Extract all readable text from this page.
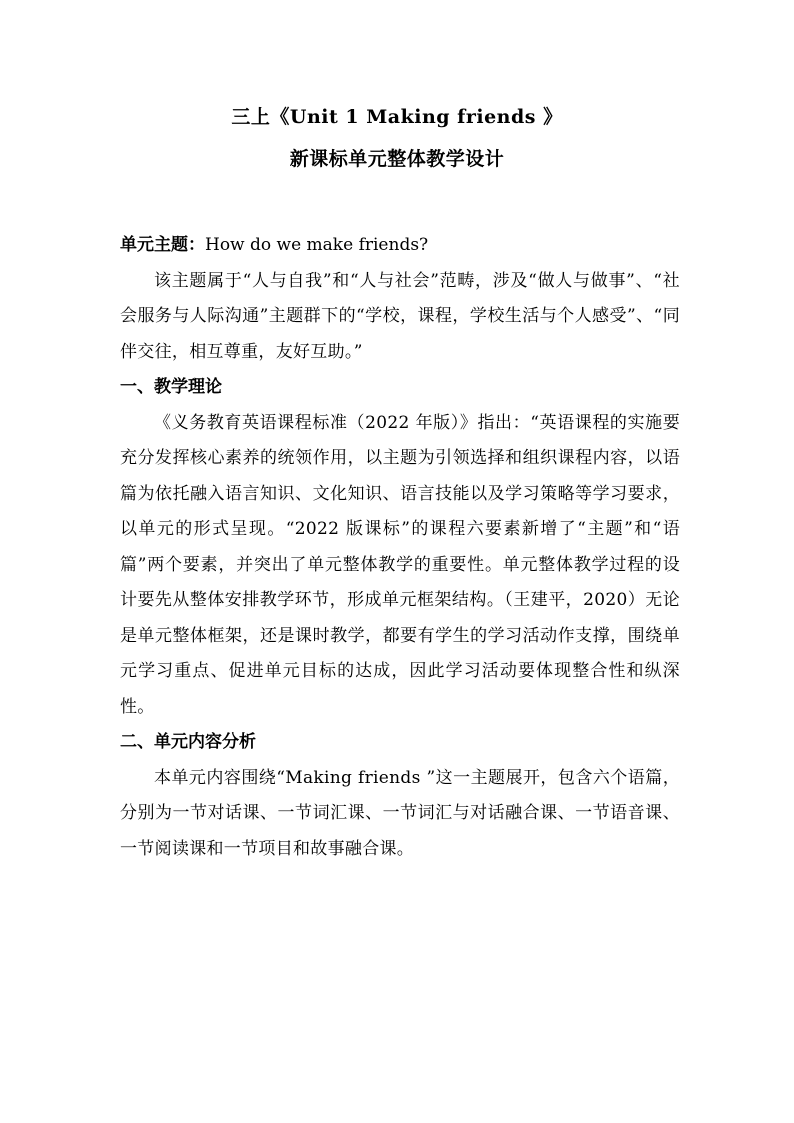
三上《Unit 1 Making friends 》
新课标单元整体教学设计

单元主题：How do we make friends?

该主题属于“人与自我”和“人与社会”范畴，涉及“做人与做事”、“社会服务与人际沟通”主题群下的“学校，课程，学校生活与个人感受”、“同伴交往，相互尊重，友好互助。”

一、教学理论

《义务教育英语课程标准（2022 年版）》指出：“英语课程的实施要充分发挥核心素养的统领作用，以主题为引领选择和组织课程内容，以语篇为依托融入语言知识、文化知识、语言技能以及学习策略等学习要求，以单元的形式呈现。“2022 版课标”的课程六要素新增了“主题”和“语篇”两个要素，并突出了单元整体教学的重要性。单元整体教学过程的设计要先从整体安排教学环节，形成单元框架结构。（王建平，2020）无论是单元整体框架，还是课时教学，都要有学生的学习活动作支撑，围绕单元学习重点、促进单元目标的达成，因此学习活动要体现整合性和纵深性。

二、单元内容分析

本单元内容围绕“Making friends ”这一主题展开，包含六个语篇，分别为一节对话课、一节词汇课、一节词汇与对话融合课、一节语音课、一节阅读课和一节项目和故事融合课。
